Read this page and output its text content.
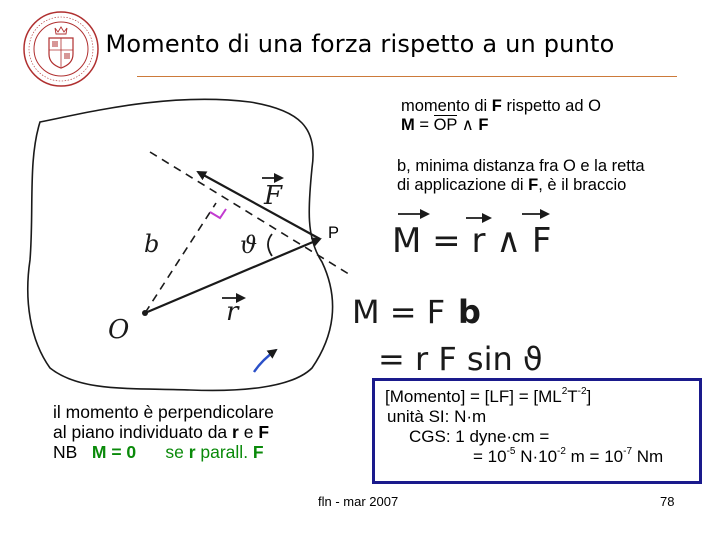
Momento di una forza rispetto a un punto
O
b	ϑ
F
r
M = r ∧ F
M = F b
= r F sin ϑ
momento di F rispetto ad O
M = OP ∧ F
b, minima distanza fra O e la retta
di applicazione di F, è il braccio
P
il momento è perpendicolare
al piano individuato da r e F
NB M = 0 se r parall. F
[Momento] = $[LF] = [ML^2T^{-2}]$
unità SI: N·m
CGS: 1 dyne·cm =
= $10^{-5}$ $N\cdot 10^{-2}$ $m = 10^{-7}$ Nm
fln - mar 2007	78
